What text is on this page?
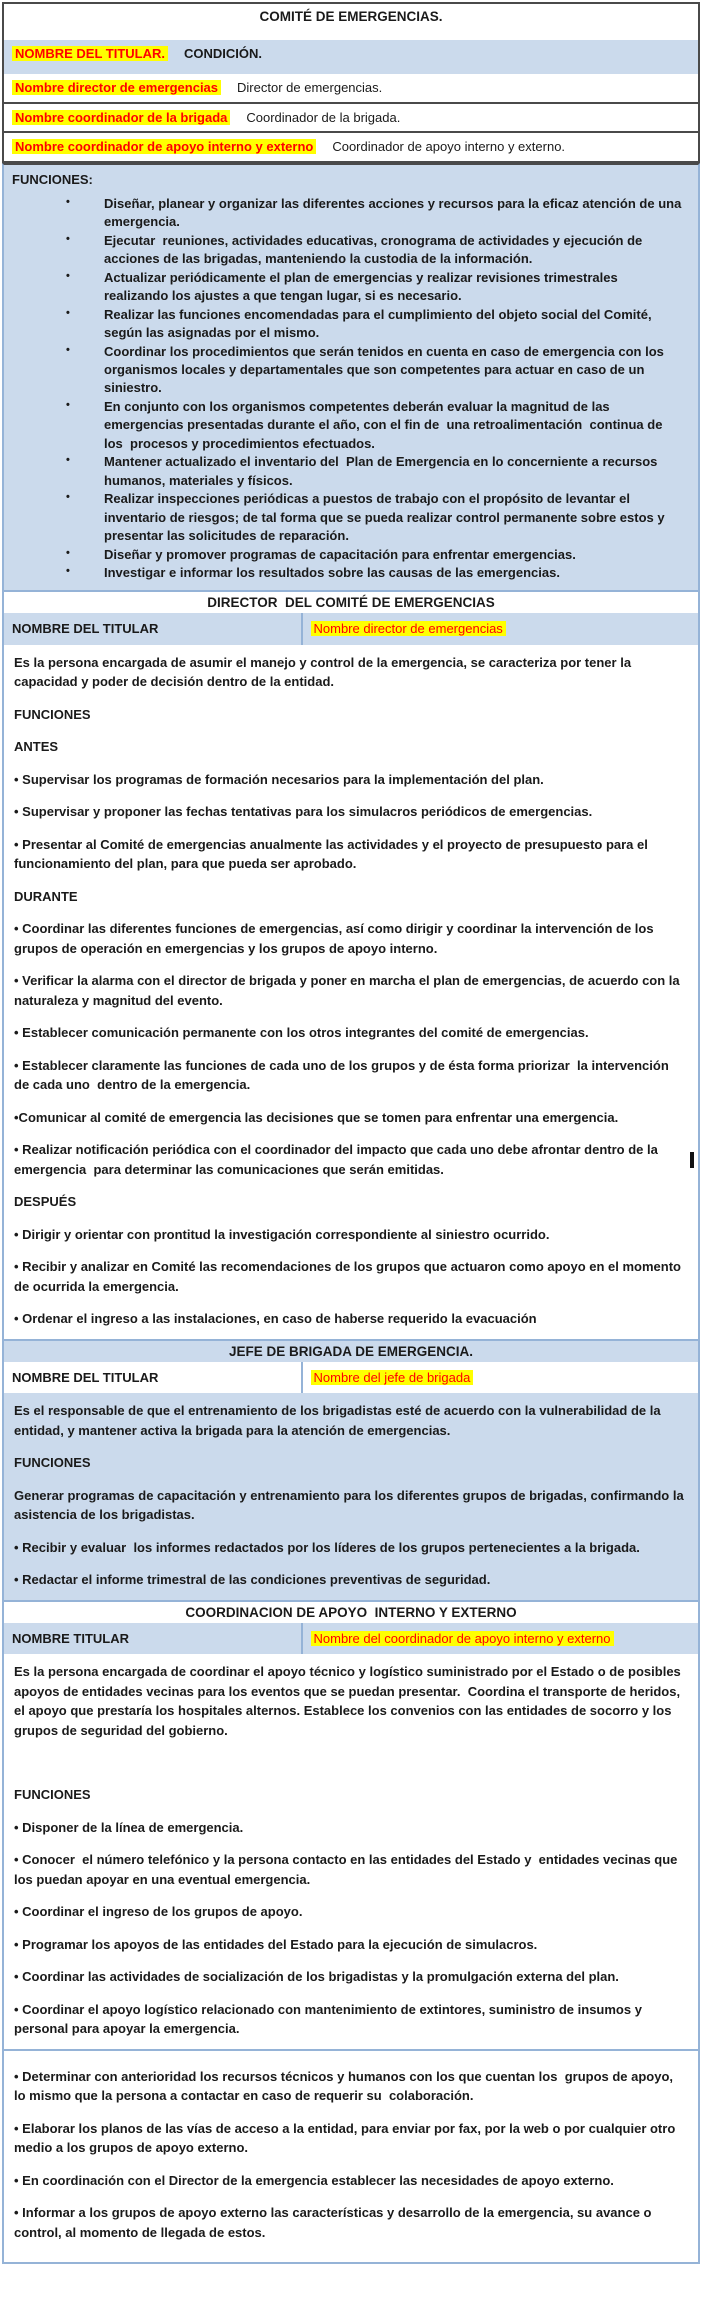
COMITÉ DE EMERGENCIAS.
NOMBRE DEL TITULAR.	CONDICIÓN.
Nombre director de emergencias	Director de emergencias.
Nombre coordinador de la brigada	Coordinador de la brigada.
Nombre coordinador de apoyo interno y externo	Coordinador de apoyo interno y externo.

FUNCIONES:

• Diseñar, planear y organizar las diferentes acciones y recursos para la eficaz atención de una emergencia.
• Ejecutar  reuniones, actividades educativas, cronograma de actividades y ejecución de acciones de las brigadas, manteniendo la custodia de la información.
• Actualizar periódicamente el plan de emergencias y realizar revisiones trimestrales realizando los ajustes a que tengan lugar, si es necesario.
• Realizar las funciones encomendadas para el cumplimiento del objeto social del Comité, según las asignadas por el mismo.
• Coordinar los procedimientos que serán tenidos en cuenta en caso de emergencia con los organismos locales y departamentales que son competentes para actuar en caso de un siniestro.
• En conjunto con los organismos competentes deberán evaluar la magnitud de las emergencias presentadas durante el año, con el fin de  una retroalimentación  continua de los  procesos y procedimientos efectuados.
• Mantener actualizado el inventario del  Plan de Emergencia en lo concerniente a recursos humanos, materiales y físicos.
• Realizar inspecciones periódicas a puestos de trabajo con el propósito de levantar el inventario de riesgos; de tal forma que se pueda realizar control permanente sobre estos y presentar las solicitudes de reparación.
• Diseñar y promover programas de capacitación para enfrentar emergencias.
• Investigar e informar los resultados sobre las causas de las emergencias.
DIRECTOR  DEL COMITÉ DE EMERGENCIAS
NOMBRE DEL TITULAR	Nombre director de emergencias

Es la persona encargada de asumir el manejo y control de la emergencia, se caracteriza por tener la capacidad y poder de decisión dentro de la entidad.

FUNCIONES

ANTES

• Supervisar los programas de formación necesarios para la implementación del plan.

• Supervisar y proponer las fechas tentativas para los simulacros periódicos de emergencias.

• Presentar al Comité de emergencias anualmente las actividades y el proyecto de presupuesto para el funcionamiento del plan, para que pueda ser aprobado.

DURANTE

• Coordinar las diferentes funciones de emergencias, así como dirigir y coordinar la intervención de los grupos de operación en emergencias y los grupos de apoyo interno.

• Verificar la alarma con el director de brigada y poner en marcha el plan de emergencias, de acuerdo con la naturaleza y magnitud del evento.

• Establecer comunicación permanente con los otros integrantes del comité de emergencias.

• Establecer claramente las funciones de cada uno de los grupos y de ésta forma priorizar  la intervención de cada uno  dentro de la emergencia.

•Comunicar al comité de emergencia las decisiones que se tomen para enfrentar una emergencia.

• Realizar notificación periódica con el coordinador del impacto que cada uno debe afrontar dentro de la emergencia  para determinar las comunicaciones que serán emitidas.

DESPUÉS

• Dirigir y orientar con prontitud la investigación correspondiente al siniestro ocurrido.

• Recibir y analizar en Comité las recomendaciones de los grupos que actuaron como apoyo en el momento de ocurrida la emergencia.

• Ordenar el ingreso a las instalaciones, en caso de haberse requerido la evacuación

JEFE DE BRIGADA DE EMERGENCIA.
NOMBRE DEL TITULAR	Nombre del jefe de brigada

Es el responsable de que el entrenamiento de los brigadistas esté de acuerdo con la vulnerabilidad de la entidad, y mantener activa la brigada para la atención de emergencias.

FUNCIONES

Generar programas de capacitación y entrenamiento para los diferentes grupos de brigadas, confirmando la asistencia de los brigadistas.

• Recibir y evaluar  los informes redactados por los líderes de los grupos pertenecientes a la brigada.

• Redactar el informe trimestral de las condiciones preventivas de seguridad.

COORDINACION DE APOYO  INTERNO Y EXTERNO
NOMBRE TITULAR	Nombre del coordinador de apoyo interno y externo

Es la persona encargada de coordinar el apoyo técnico y logístico suministrado por el Estado o de posibles apoyos de entidades vecinas para los eventos que se puedan presentar.  Coordina el transporte de heridos, el apoyo que prestaría los hospitales alternos. Establece los convenios con las entidades de socorro y los grupos de seguridad del gobierno.

FUNCIONES

• Disponer de la línea de emergencia.

• Conocer  el número telefónico y la persona contacto en las entidades del Estado y  entidades vecinas que los puedan apoyar en una eventual emergencia.

• Coordinar el ingreso de los grupos de apoyo.

• Programar los apoyos de las entidades del Estado para la ejecución de simulacros.

• Coordinar las actividades de socialización de los brigadistas y la promulgación externa del plan.

• Coordinar el apoyo logístico relacionado con mantenimiento de extintores, suministro de insumos y personal para apoyar la emergencia.

• Determinar con anterioridad los recursos técnicos y humanos con los que cuentan los  grupos de apoyo, lo mismo que la persona a contactar en caso de requerir su  colaboración.

• Elaborar los planos de las vías de acceso a la entidad, para enviar por fax, por la web o por cualquier otro medio a los grupos de apoyo externo.

• En coordinación con el Director de la emergencia establecer las necesidades de apoyo externo.

• Informar a los grupos de apoyo externo las características y desarrollo de la emergencia, su avance o control, al momento de llegada de estos.
